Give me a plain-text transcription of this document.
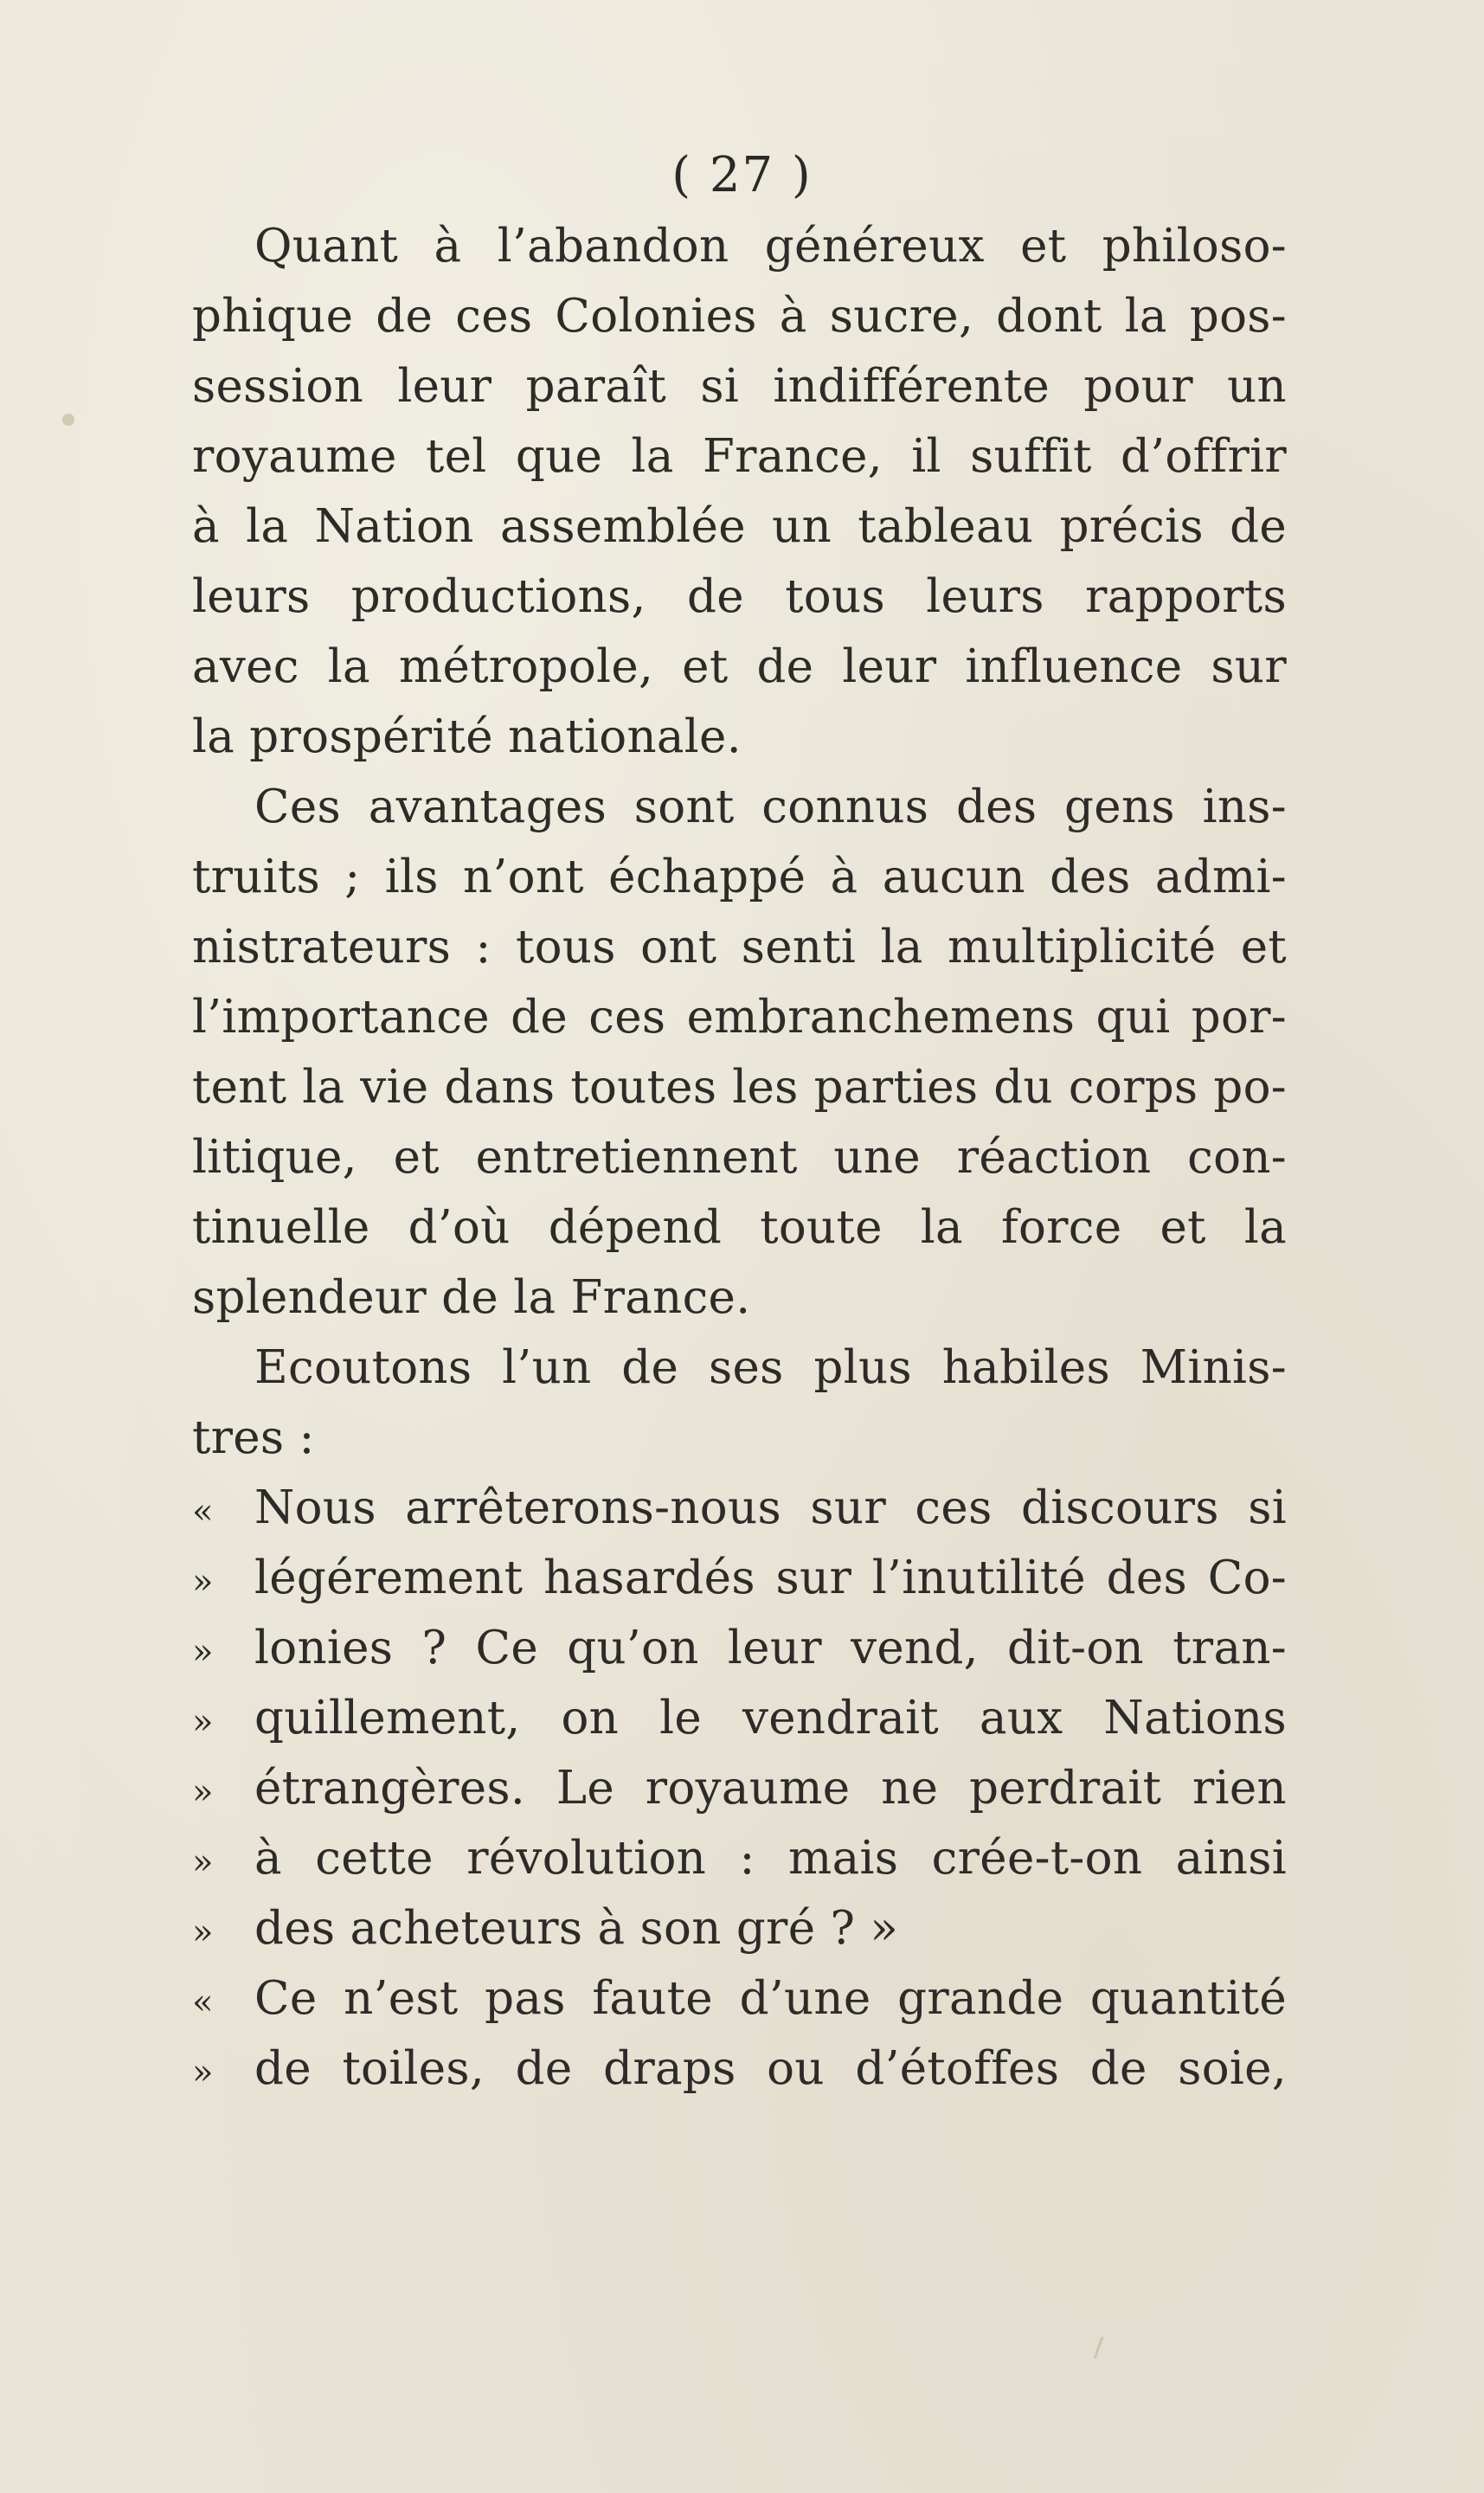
( 27 )
Quant à l’abandon généreux et philoso-
phique de ces Colonies à sucre, dont la pos-
session leur paraît si indifférente pour un
royaume tel que la France, il suffit d’offrir
à la Nation assemblée un tableau précis de
leurs productions, de tous leurs rapports
avec la métropole, et de leur influence sur
la prospérité nationale.
Ces avantages sont connus des gens ins-
truits ; ils n’ont échappé à aucun des admi-
nistrateurs : tous ont senti la multiplicité et
l’importance de ces embranchemens qui por-
tent la vie dans toutes les parties du corps po-
litique, et entretiennent une réaction con-
tinuelle d’où dépend toute la force et la
splendeur de la France.
Ecoutons l’un de ses plus habiles Minis-
tres :
« Nous arrêterons-nous sur ces discours si
» légérement hasardés sur l’inutilité des Co-
» lonies ? Ce qu’on leur vend, dit-on tran-
» quillement, on le vendrait aux Nations
» étrangères. Le royaume ne perdrait rien
» à cette révolution : mais crée-t-on ainsi
» des acheteurs à son gré ? »
« Ce n’est pas faute d’une grande quantité
» de toiles, de draps ou d’étoffes de soie,
